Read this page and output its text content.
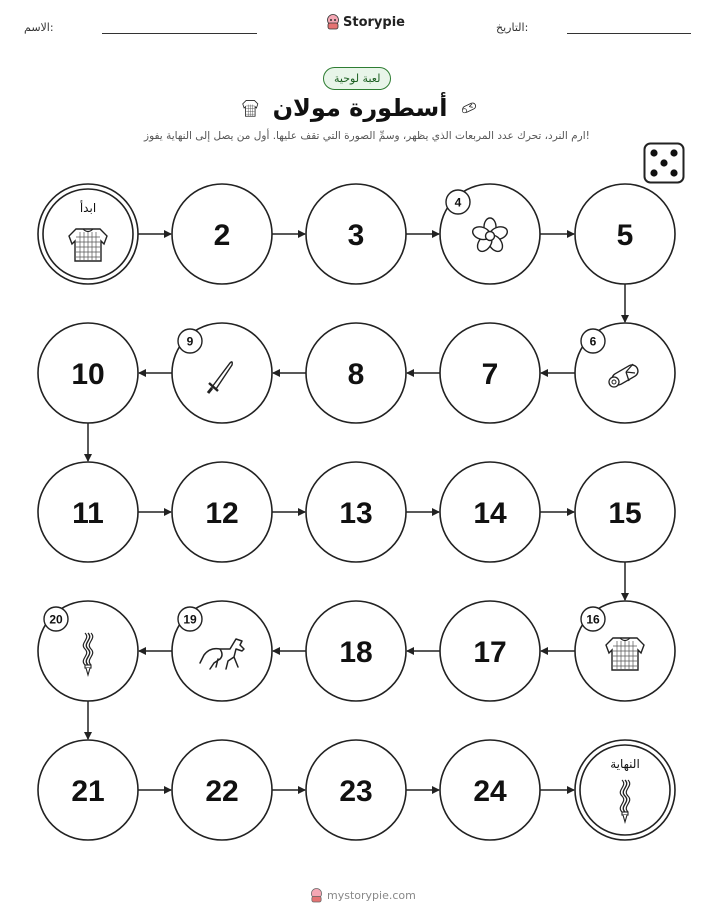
الاسم:	Storypie	التاريخ:
لعبة لوحية
أسطورة مولان
ارم النرد، تحرك عدد المربعات الذي يظهر، وسمِّ الصورة التي تقف عليها. أول من يصل إلى النهاية يفوز!
ابدأ
2	3
4
5
6
7
8
9
10
11	12	13	14	15
16
17
18
19
20
21	22	23	24
النهاية
mystorypie.com
